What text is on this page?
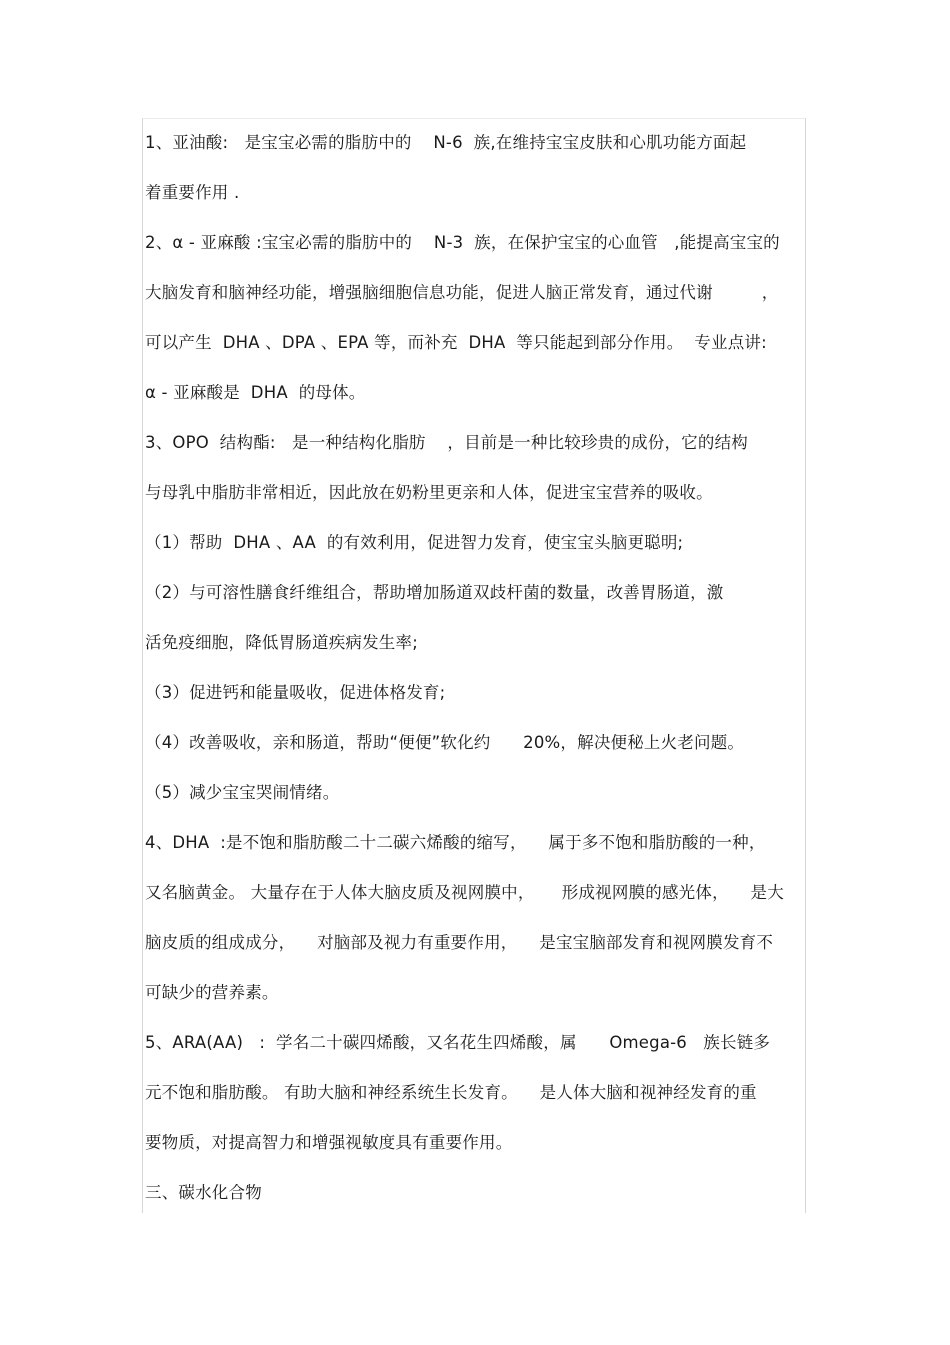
1、亚油酸:   是宝宝必需的脂肪中的    N-6  族,在维持宝宝皮肤和心肌功能方面起
着重要作用 .
2、α - 亚麻酸 :宝宝必需的脂肪中的    N-3  族，在保护宝宝的心血管   ,能提高宝宝的
大脑发育和脑神经功能，增强脑细胞信息功能，促进人脑正常发育，通过代谢         ，
可以产生  DHA 、DPA 、EPA 等，而补充  DHA  等只能起到部分作用。  专业点讲:
α - 亚麻酸是  DHA  的母体。
3、OPO  结构酯:   是一种结构化脂肪    ，目前是一种比较珍贵的成份，它的结构
与母乳中脂肪非常相近，因此放在奶粉里更亲和人体，促进宝宝营养的吸收。
（1）帮助  DHA 、AA  的有效利用，促进智力发育，使宝宝头脑更聪明;
（2）与可溶性膳食纤维组合，帮助增加肠道双歧杆菌的数量，改善胃肠道，激
活免疫细胞，降低胃肠道疾病发生率;
（3）促进钙和能量吸收，促进体格发育;
（4）改善吸收，亲和肠道，帮助“便便”软化约      20%，解决便秘上火老问题。
（5）减少宝宝哭闹情绪。
4、DHA  :是不饱和脂肪酸二十二碳六烯酸的缩写，    属于多不饱和脂肪酸的一种，
又名脑黄金。 大量存在于人体大脑皮质及视网膜中，     形成视网膜的感光体，    是大
脑皮质的组成成分，    对脑部及视力有重要作用，    是宝宝脑部发育和视网膜发育不
可缺少的营养素。
5、ARA(AA)   :  学名二十碳四烯酸，又名花生四烯酸，属      Omega-6   族长链多
元不饱和脂肪酸。 有助大脑和神经系统生长发育。    是人体大脑和视神经发育的重
要物质，对提高智力和增强视敏度具有重要作用。
三、碳水化合物
